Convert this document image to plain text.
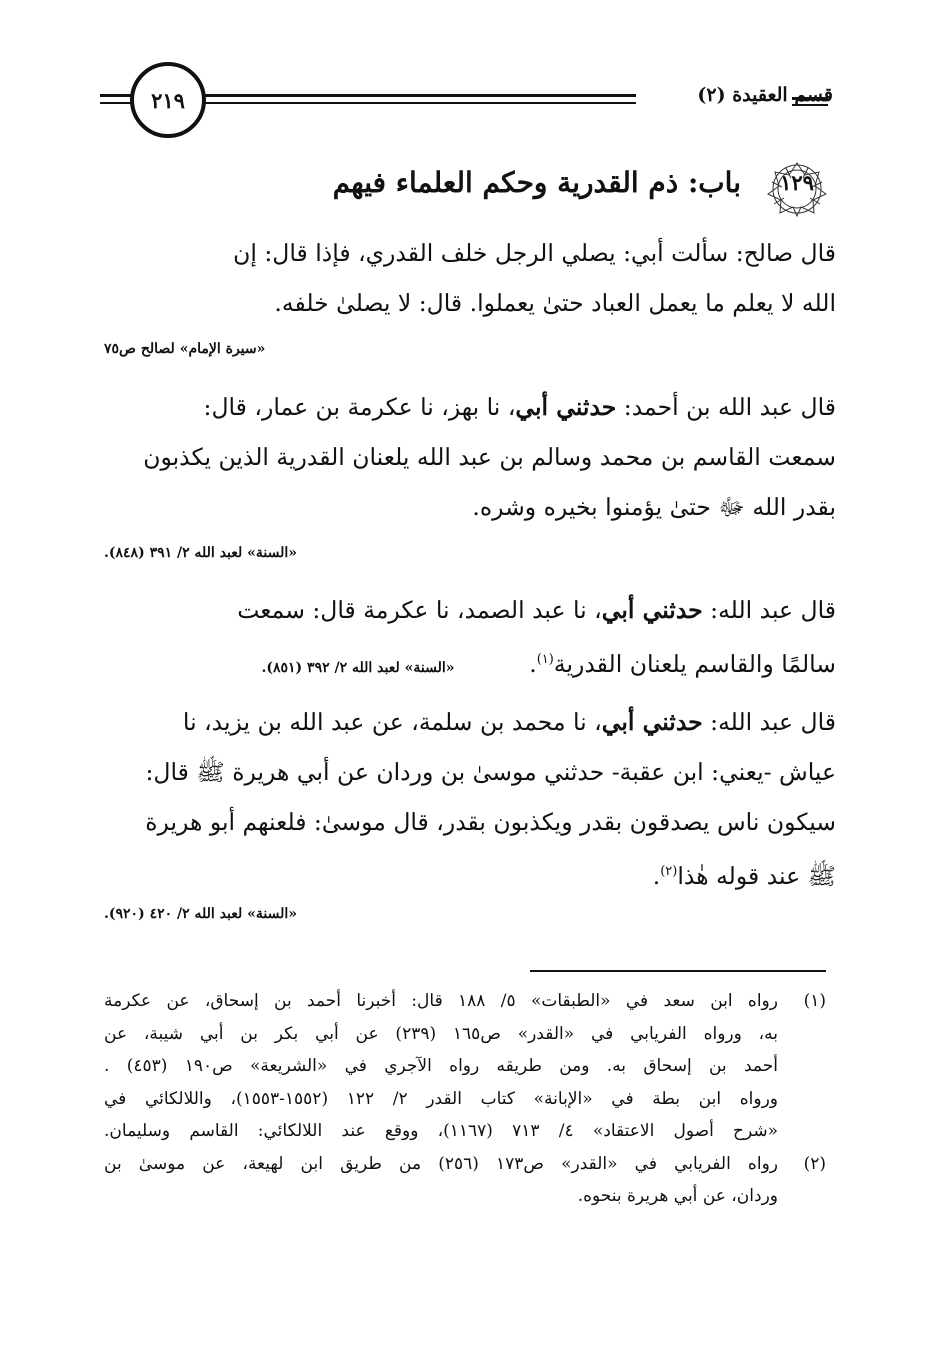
قسم العقيدة (٢)
٢١٩
١٢٩
باب: ذم القدرية وحكم العلماء فيهم
قال صالح: سألت أبي: يصلي الرجل خلف القدري، فإذا قال: إن
الله لا يعلم ما يعمل العباد حتىٰ يعملوا. قال: لا يصلىٰ خلفه.
«سيرة الإمام» لصالح ص٧٥
قال عبد الله بن أحمد: حدثني أبي، نا بهز، نا عكرمة بن عمار، قال:
سمعت القاسم بن محمد وسالم بن عبد الله يلعنان القدرية الذين يكذبون
بقدر الله ﷻ حتىٰ يؤمنوا بخيره وشره.
«السنة» لعبد الله ٢/ ٣٩١ (٨٤٨).
قال عبد الله: حدثني أبي، نا عبد الصمد، نا عكرمة قال: سمعت
سالمًا والقاسم يلعنان القدرية$^{(١)}$.          «السنة» لعبد الله ٢/ ٣٩٢ (٨٥١).
قال عبد الله: حدثني أبي، نا محمد بن سلمة، عن عبد الله بن يزيد، نا
عياش -يعني: ابن عقبة- حدثني موسىٰ بن وردان عن أبي هريرة ﷺ قال:
سيكون ناس يصدقون بقدر ويكذبون بقدر، قال موسىٰ: فلعنهم أبو هريرة
ﷺ عند قوله هٰذا$^{(٢)}$.
«السنة» لعبد الله ٢/ ٤٢٠ (٩٢٠).
(١)
رواه ابن سعد في «الطبقات» ٥/ ١٨٨ قال: أخبرنا أحمد بن إسحاق، عن عكرمة
به، ورواه الفريابي في «القدر» ص١٦٥ (٢٣٩) عن أبي بكر بن أبي شيبة، عن
أحمد بن إسحاق به. ومن طريقه رواه الآجري في «الشريعة» ص١٩٠ (٤٥٣) .
ورواه ابن بطة في «الإبانة» كتاب القدر ٢/ ١٢٢ (١٥٥٢-١٥٥٣)، واللالكائي في
«شرح أصول الاعتقاد» ٤/ ٧١٣ (١١٦٧)، ووقع عند اللالكائي: القاسم وسليمان.
(٢)
رواه الفريابي في «القدر» ص١٧٣ (٢٥٦) من طريق ابن لهيعة، عن موسىٰ بن
وردان، عن أبي هريرة بنحوه.
